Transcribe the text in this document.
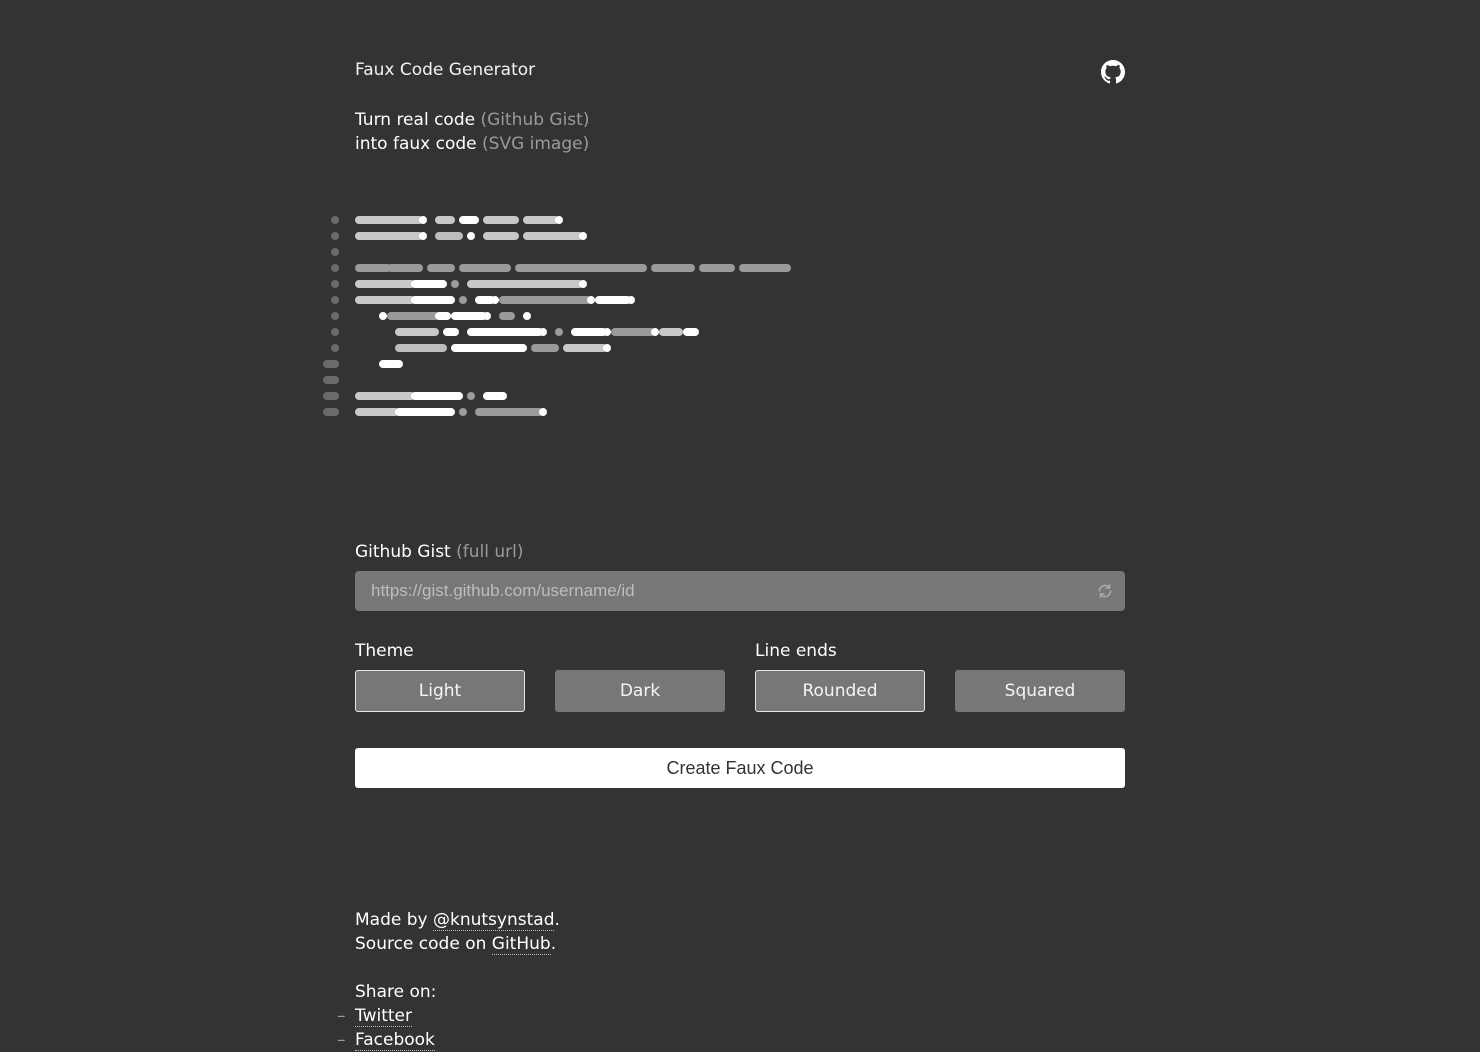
Faux Code Generator
Turn real code (Github Gist)
into faux code (SVG image)
Github Gist (full url)
https://gist.github.com/username/id
Theme	Line ends
Light	Dark	Rounded	Squared
Create Faux Code
Made by @knutsynstad.
Source code on GitHub.
Share on:
– Twitter
– Facebook
